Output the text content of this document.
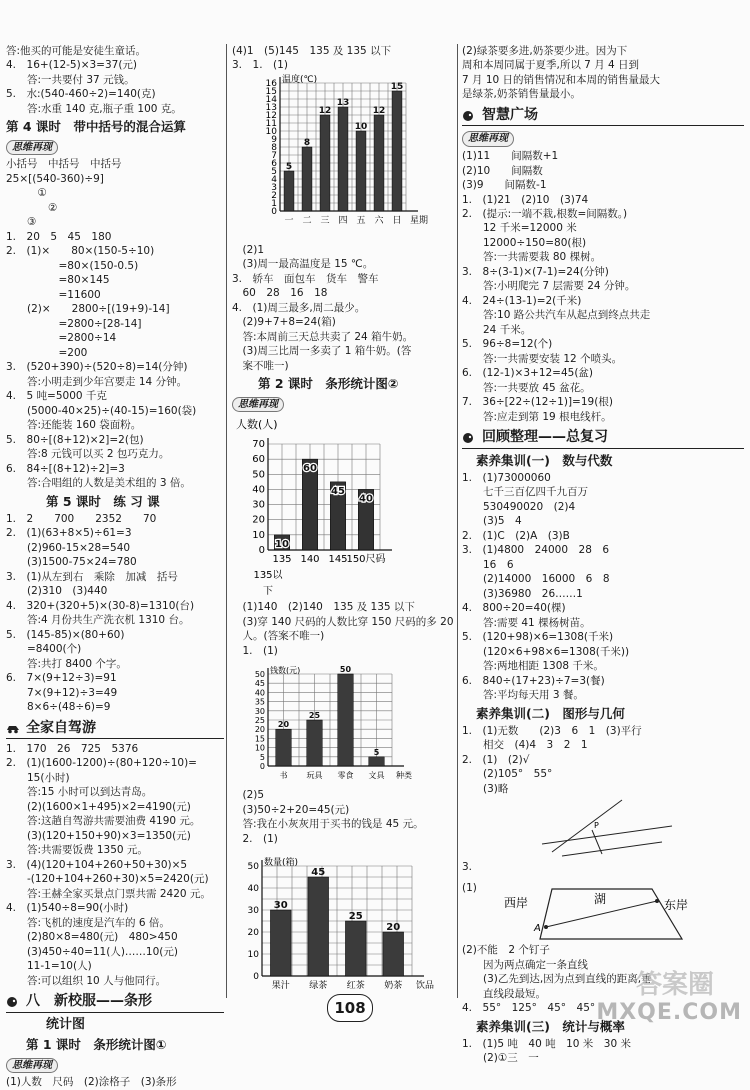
答:他买的可能是安徒生童话。
4.　16+(12-5)×3=37(元)
　　答:一共要付 37 元钱。
5.　水:(540-460÷2)=140(克)
　　答:水重 140 克,瓶子重 100 克。
第 4 课时　带中括号的混合运算
思维再现
小括号　中括号　中括号
25×[(540-360)÷9]
　　　①
　　　　②
　　③
1.　20　5　45　180
2.　(1)×　　80×(150-5÷10)
　　　　　=80×(150-0.5)
　　　　　=80×145
　　　　　=11600
　　(2)×　　2800÷[(19+9)-14]
　　　　　=2800÷[28-14]
　　　　　=2800÷14
　　　　　=200
3.　(520+390)÷(520÷8)=14(分钟)
　　答:小明走到少年宫要走 14 分钟。
4.　5 吨=5000 千克
　　(5000-40×25)÷(40-15)=160(袋)
　　答:还能装 160 袋面粉。
5.　80÷[(8+12)×2]=2(包)
　　答:8 元钱可以买 2 包巧克力。
6.　84÷[(8+12)÷2]=3
　　答:合唱组的人数是美术组的 3 倍。
第 5 课时　练 习 课
1.　2　　700　　2352　　70
2.　(1)(63+8×5)÷61=3
　　(2)960-15×28=540
　　(3)1500-75×24=780
3.　(1)从左到右　乘除　加减　括号
　　(2)310　(3)440
4.　320+(320+5)×(30-8)=1310(台)
　　答:4 月份共生产洗衣机 1310 台。
5.　(145-85)×(80+60)
　　=8400(个)
　　答:共打 8400 个字。
6.　7×(9+12÷3)=91
　　7×(9+12)÷3=49
　　8×6÷(48÷6)=9
全家自驾游
1.　170　26　725　5376
2.　(1)(1600-1200)÷(80+120÷10)=
　　15(小时)
　　答:15 小时可以到达青岛。
　　(2)(1600×1+495)×2=4190(元)
　　答:这趟自驾游共需要油费 4190 元。
　　(3)(120+150+90)×3=1350(元)
　　答:共需要饭费 1350 元。
3.　(4)(120+104+260+50+30)×5
　　-(120+104+260+30)×5=2420(元)
　　答:王赫全家买景点门票共需 2420 元。
4.　(1)540÷8=90(小时)
　　答:飞机的速度是汽车的 6 倍。
　　(2)80×8=480(元)　480>450
　　(3)450÷40=11(人)……10(元)
　　11-1=10(人)
　　答:可以组织 10 人与他同行。
八 新校服——条形
统计图
第 1 课时　条形统计图①
思维再现
(1)人数　尺码　(2)涂格子　(3)条形
(4)1　(5)145　135 及 135 以下
3.　1.　(1)
0
1
2
3
4
5
6
7
8
9
10
11
12
13
14
15
16
5
一
8
二
12
三
13
四
10
五
12
六
15
日
温度(℃)
星期
　(2)1
　(3)周一最高温度是 15 ℃。
3.　轿车　面包车　货车　警车
　60　28　16　18
4.　(1)周三最多,周二最少。
　(2)9+7+8=24(箱)
　答:本周前三天总共卖了 24 箱牛奶。
　(3)周三比周一多卖了 1 箱牛奶。(答
　案不唯一)
第 2 课时　条形统计图②
思维再现
0
10
20
30
40
50
60
70
10
135
60
140
45
145
40
150尺码
135以
下
人数(人)
　(1)140　(2)140　135 及 135 以下
　(3)穿 140 尺码的人数比穿 150 尺码的多 20
　人。(答案不唯一)
　1.　(1)
0
5
10
15
20
25
30
35
40
45
50
20
书
25
玩具
50
零食
5
文具
钱数(元)
种类
　(2)5
　(3)50÷2+20=45(元)
　答:我在小灰灰用于买书的钱是 45 元。
　2.　(1)
0
10
20
30
40
50
30
果汁
45
绿茶
25
红茶
20
奶茶
数量(箱)
饮品
(2)绿茶要多进,奶茶要少进。因为下
周和本周同属于夏季,所以 7 月 4 日到
7 月 10 日的销售情况和本周的销售量最大
是绿茶,奶茶销售量最小。
智慧广场
思维再现
(1)11　　间隔数+1
(2)10　　间隔数
(3)9　　间隔数-1
1.　(1)21　(2)10　(3)74
2.　(提示:一端不栽,根数=间隔数。)
　　12 千米=12000 米
　　12000÷150=80(根)
　　答:一共需要栽 80 棵树。
3.　8÷(3-1)×(7-1)=24(分钟)
　　答:小明爬完 7 层需要 24 分钟。
4.　24÷(13-1)=2(千米)
　　答:10 路公共汽车从起点到终点共走
　　24 千米。
5.　96÷8=12(个)
　　答:一共需要安装 12 个喷头。
6.　(12-1)×3+12=45(盆)
　　答:一共要放 45 盆花。
7.　36÷[22÷(12÷1)]=19(根)
　　答:应走到第 19 根电线杆。
回顾整理——总复习
素养集训(一)　数与代数
1.　(1)73000060
　　七千三百亿四千九百万
　　530490020　(2)4
　　(3)5　4
2.　(1)C　(2)A　(3)B
3.　(1)4800　24000　28　6
　　16　6
　　(2)14000　16000　6　8
　　(3)36980　26……1
4.　800÷20=40(棵)
　　答:需要 41 棵杨树苗。
5.　(120+98)×6=1308(千米)
　　(120×6+98×6=1308(千米))
　　答:两地相距 1308 千米。
6.　840÷(17+23)÷7=3(餐)
　　答:平均每天用 3 餐。
素养集训(二)　图形与几何
1.　(1)无数　　(2)3　6　1　(3)平行
　　相交　(4)4　3　2　1
2.　(1)　(2)√
　　(2)105°　55°
　　(3)略
P
3.
(1)
西岸	湖	东岸
A
(2)不能　2 个钉子
　　因为两点确定一条直线
　　(3)乙先到达,因为点到直线的距离,垂
　　直线段最短。
4.　55°　125°　45°　45°
素养集训(三)　统计与概率
1.　(1)5 吨　40 吨　10 米　30 米
　　(2)①三　一
108
答案圈
MXQE.COM
